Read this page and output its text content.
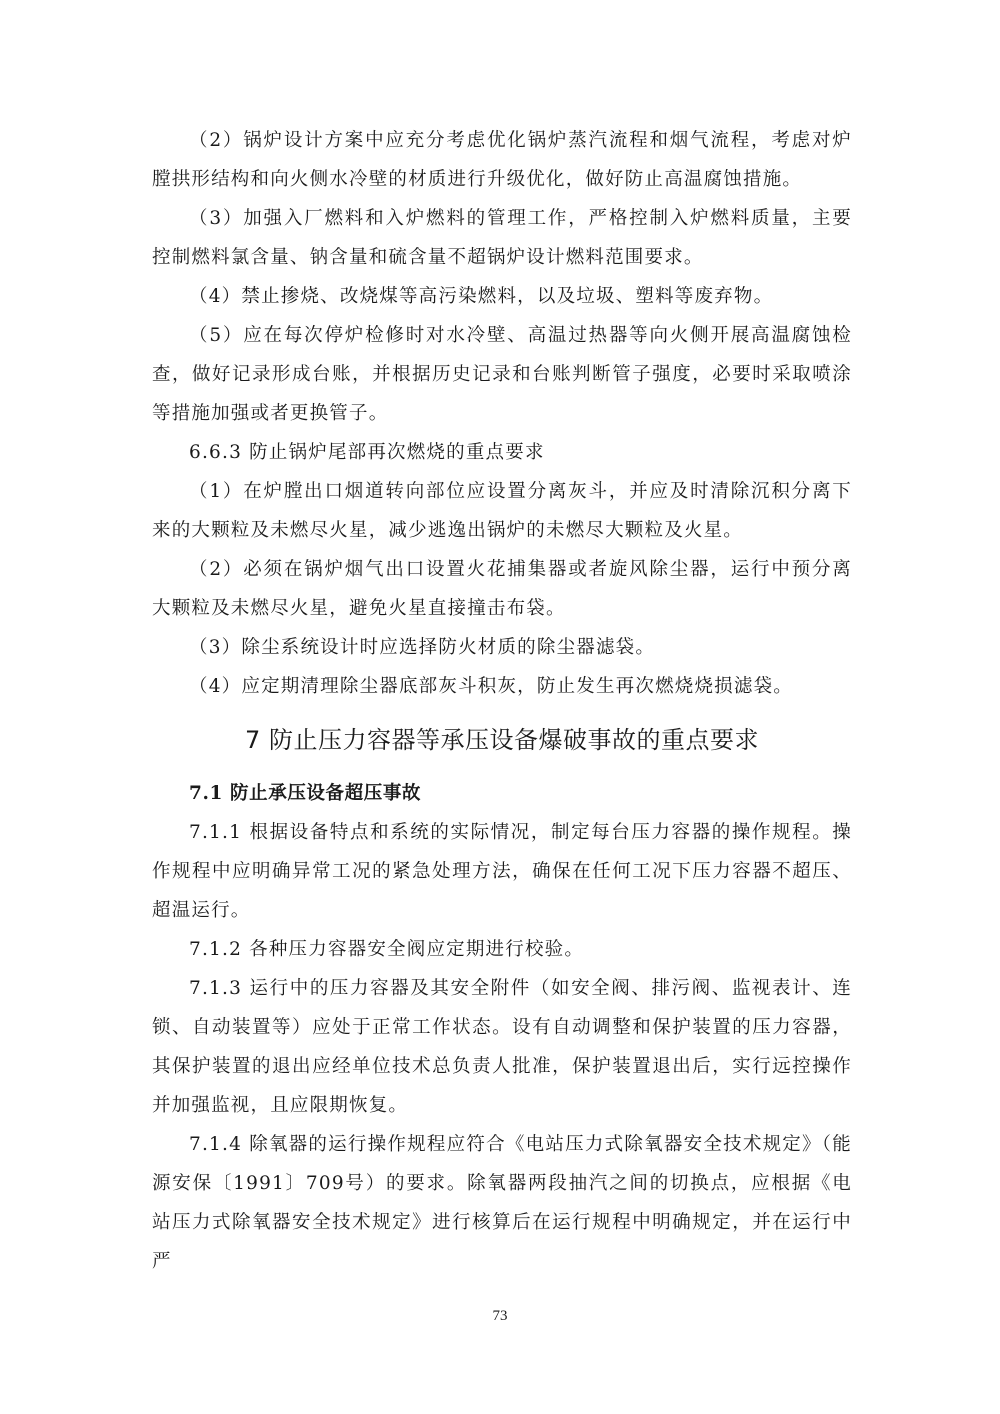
（2）锅炉设计方案中应充分考虑优化锅炉蒸汽流程和烟气流程，考虑对炉膛拱形结构和向火侧水冷壁的材质进行升级优化，做好防止高温腐蚀措施。

（3）加强入厂燃料和入炉燃料的管理工作，严格控制入炉燃料质量，主要控制燃料氯含量、钠含量和硫含量不超锅炉设计燃料范围要求。

（4）禁止掺烧、改烧煤等高污染燃料，以及垃圾、塑料等废弃物。

（5）应在每次停炉检修时对水冷壁、高温过热器等向火侧开展高温腐蚀检查，做好记录形成台账，并根据历史记录和台账判断管子强度，必要时采取喷涂等措施加强或者更换管子。

6.6.3 防止锅炉尾部再次燃烧的重点要求

（1）在炉膛出口烟道转向部位应设置分离灰斗，并应及时清除沉积分离下来的大颗粒及未燃尽火星，减少逃逸出锅炉的未燃尽大颗粒及火星。

（2）必须在锅炉烟气出口设置火花捕集器或者旋风除尘器，运行中预分离大颗粒及未燃尽火星，避免火星直接撞击布袋。

（3）除尘系统设计时应选择防火材质的除尘器滤袋。

（4）应定期清理除尘器底部灰斗积灰，防止发生再次燃烧烧损滤袋。

7 防止压力容器等承压设备爆破事故的重点要求
7.1 防止承压设备超压事故

7.1.1 根据设备特点和系统的实际情况，制定每台压力容器的操作规程。操作规程中应明确异常工况的紧急处理方法，确保在任何工况下压力容器不超压、超温运行。

7.1.2 各种压力容器安全阀应定期进行校验。

7.1.3 运行中的压力容器及其安全附件（如安全阀、排污阀、监视表计、连锁、自动装置等）应处于正常工作状态。设有自动调整和保护装置的压力容器，其保护装置的退出应经单位技术总负责人批准，保护装置退出后，实行远控操作并加强监视，且应限期恢复。

7.1.4 除氧器的运行操作规程应符合《电站压力式除氧器安全技术规定》（能源安保〔1991〕709号）的要求。除氧器两段抽汽之间的切换点，应根据《电站压力式除氧器安全技术规定》进行核算后在运行规程中明确规定，并在运行中严

73
